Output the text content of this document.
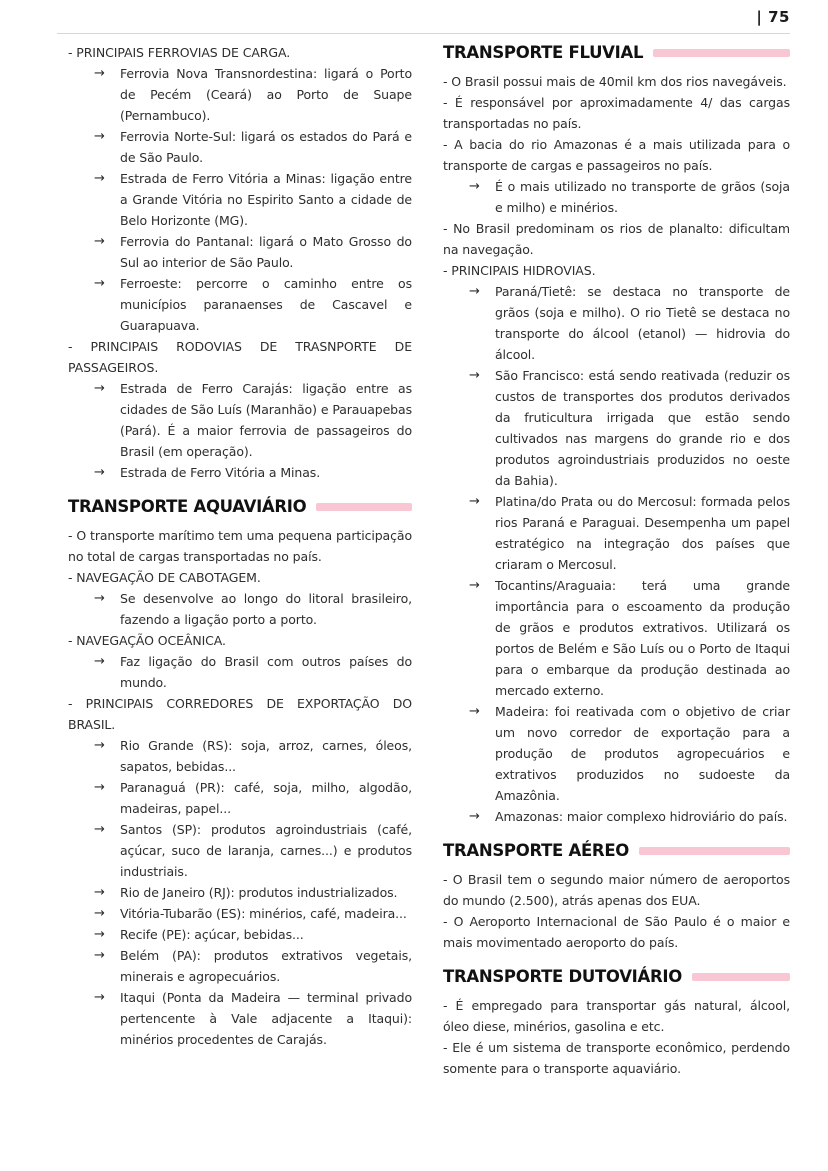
| 75
- PRINCIPAIS FERROVIAS DE CARGA.
→	Ferrovia Nova Transnordestina: ligará o Porto de Pecém (Ceará) ao Porto de Suape (Pernambuco).
→	Ferrovia Norte-Sul: ligará os estados do Pará e de São Paulo.
→	Estrada de Ferro Vitória a Minas: ligação entre a Grande Vitória no Espirito Santo a cidade de Belo Horizonte (MG).
→	Ferrovia do Pantanal: ligará o Mato Grosso do Sul ao interior de São Paulo.
→	Ferroeste: percorre o caminho entre os municípios paranaenses de Cascavel e Guarapuava.
- PRINCIPAIS RODOVIAS DE TRASNPORTE DE PASSAGEIROS.
→	Estrada de Ferro Carajás: ligação entre as cidades de São Luís (Maranhão) e Parauapebas (Pará). É a maior ferrovia de passageiros do Brasil (em operação).
→	Estrada de Ferro Vitória a Minas.
TRANSPORTE AQUAVIÁRIO
- O transporte marítimo tem uma pequena participação no total de cargas transportadas no país.
- NAVEGAÇÃO DE CABOTAGEM.
→	Se desenvolve ao longo do litoral brasileiro, fazendo a ligação porto a porto.
- NAVEGAÇÃO OCEÂNICA.
→	Faz ligação do Brasil com outros países do mundo.
- PRINCIPAIS CORREDORES DE EXPORTAÇÃO DO BRASIL.
→	Rio Grande (RS): soja, arroz, carnes, óleos, sapatos, bebidas...
→	Paranaguá (PR): café, soja, milho, algodão, madeiras, papel...
→	Santos (SP): produtos agroindustriais (café, açúcar, suco de laranja, carnes...) e produtos industriais.
→	Rio de Janeiro (RJ): produtos industrializados.
→	Vitória-Tubarão (ES): minérios, café, madeira...
→	Recife (PE): açúcar, bebidas...
→	Belém (PA): produtos extrativos vegetais, minerais e agropecuários.
→	Itaqui (Ponta da Madeira — terminal privado pertencente à Vale adjacente a Itaqui): minérios procedentes de Carajás.
TRANSPORTE FLUVIAL
- O Brasil possui mais de 40mil km dos rios navegáveis.
- É responsável por aproximadamente 4/ das cargas transportadas no país.
- A bacia do rio Amazonas é a mais utilizada para o transporte de cargas e passageiros no país.
→	É o mais utilizado no transporte de grãos (soja e milho) e minérios.
- No Brasil predominam os rios de planalto: dificultam na navegação.
- PRINCIPAIS HIDROVIAS.
→	Paraná/Tietê: se destaca no transporte de grãos (soja e milho). O rio Tietê se destaca no transporte do álcool (etanol) — hidrovia do álcool.
→	São Francisco: está sendo reativada (reduzir os custos de transportes dos produtos derivados da fruticultura irrigada que estão sendo cultivados nas margens do grande rio e dos produtos agroindustriais produzidos no oeste da Bahia).
→	Platina/do Prata ou do Mercosul: formada pelos rios Paraná e Paraguai. Desempenha um papel estratégico na integração dos países que criaram o Mercosul.
→	Tocantins/Araguaia: terá uma grande importância para o escoamento da produção de grãos e produtos extrativos. Utilizará os portos de Belém e São Luís ou o Porto de Itaqui para o embarque da produção destinada ao mercado externo.
→	Madeira: foi reativada com o objetivo de criar um novo corredor de exportação para a produção de produtos agropecuários e extrativos produzidos no sudoeste da Amazônia.
→	Amazonas: maior complexo hidroviário do país.
TRANSPORTE AÉREO
- O Brasil tem o segundo maior número de aeroportos do mundo (2.500), atrás apenas dos EUA.
- O Aeroporto Internacional de São Paulo é o maior e mais movimentado aeroporto do país.
TRANSPORTE DUTOVIÁRIO
- É empregado para transportar gás natural, álcool, óleo diese, minérios, gasolina e etc.
- Ele é um sistema de transporte econômico, perdendo somente para o transporte aquaviário.
